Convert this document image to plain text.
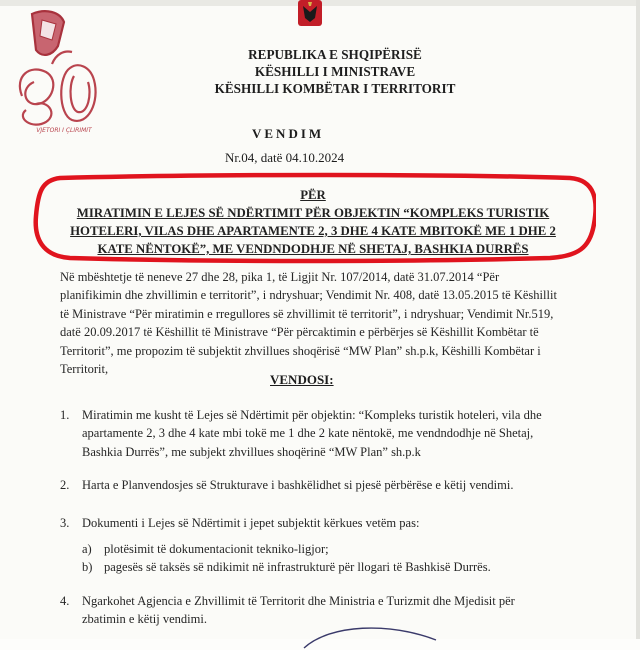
VJETORI I ÇLIRIMIT
REPUBLIKA E SHQIPËRISË
KËSHILLI I MINISTRAVE
KËSHILLI KOMBËTAR I TERRITORIT
VENDIM
Nr.04, datë 04.10.2024
PËR
MIRATIMIN E LEJES SË NDËRTIMIT PËR OBJEKTIN “KOMPLEKS TURISTIK
HOTELERI, VILAS DHE APARTAMENTE 2, 3 DHE 4 KATE MBITOKË ME 1 DHE 2
KATE NËNTOKË”, ME VENDNDODHJE NË SHETAJ, BASHKIA DURRËS
Në mbështetje të neneve 27 dhe 28, pika 1, të Ligjit Nr. 107/2014, datë 31.07.2014 “Për
planifikimin dhe zhvillimin e territorit”, i ndryshuar; Vendimit Nr. 408, datë 13.05.2015 të Këshillit
të Ministrave “Për miratimin e rregullores së zhvillimit të territorit”, i ndryshuar; Vendimit Nr.519,
datë 20.09.2017 të Këshillit të Ministrave “Për përcaktimin e përbërjes së Këshillit Kombëtar të
Territorit”, me propozim të subjektit zhvillues shoqërisë “MW Plan” sh.p.k, Këshilli Kombëtar i
Territorit,
VENDOSI:
1. Miratimin me kusht të Lejes së Ndërtimit për objektin: “Kompleks turistik hoteleri, vila dhe
apartamente 2, 3 dhe 4 kate mbi tokë me 1 dhe 2 kate nëntokë, me vendndodhje në Shetaj,
Bashkia Durrës”, me subjekt zhvillues shoqërinë “MW Plan” sh.p.k
2. Harta e Planvendosjes së Strukturave i bashkëlidhet si pjesë përbërëse e këtij vendimi.
3. Dokumenti i Lejes së Ndërtimit i jepet subjektit kërkues vetëm pas:
a) plotësimit të dokumentacionit tekniko-ligjor;
b) pagesës së taksës së ndikimit në infrastrukturë për llogari të Bashkisë Durrës.
4. Ngarkohet Agjencia e Zhvillimit të Territorit dhe Ministria e Turizmit dhe Mjedisit për
zbatimin e këtij vendimi.
